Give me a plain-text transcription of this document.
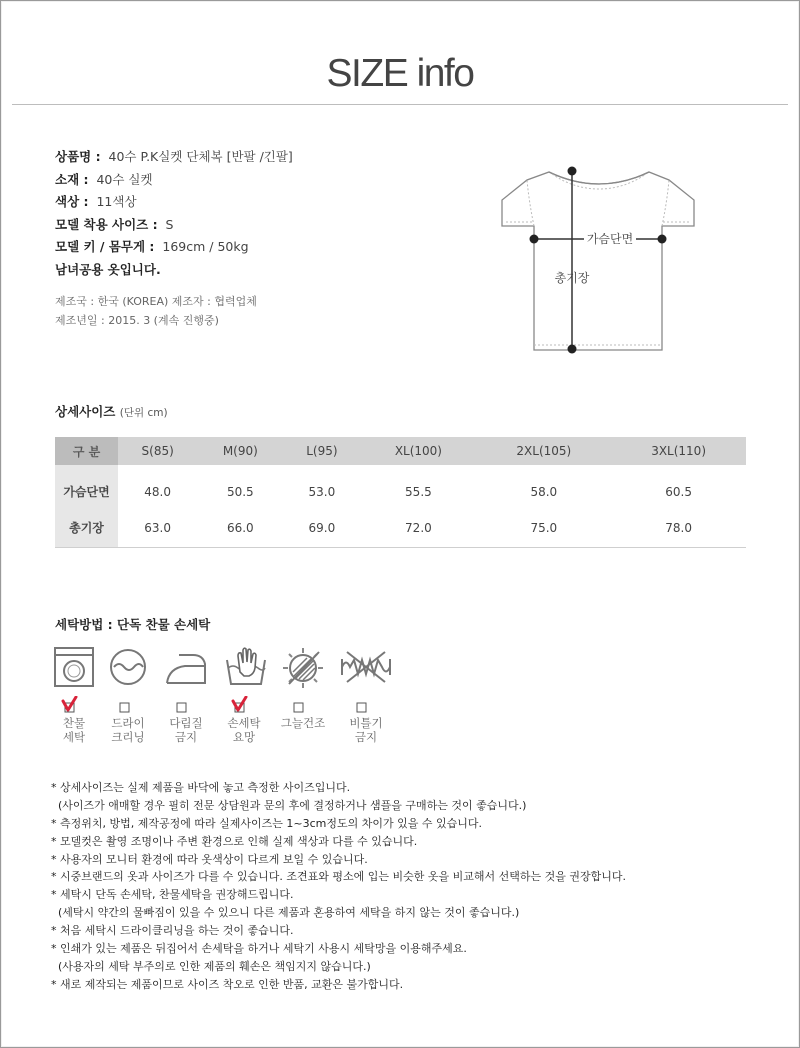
SIZE info
상품명 : 40수 P.K실켓 단체복 [반팔 /긴팔]
소재 : 40수 실켓
색상 : 11색상
모델 착용 사이즈 : S
모델 키 / 몸무게 : 169cm / 50kg
남녀공용 옷입니다.
제조국 : 한국 (KOREA) 제조자 : 협력업체
제조년일 : 2015. 3 (계속 진행중)
가슴단면
총기장
상세사이즈 (단위 cm)
구 분	S(85)	M(90)	L(95)	XL(100)	2XL(105)	3XL(110)
가슴단면	48.0	50.5	53.0	55.5	58.0	60.5
총기장	63.0	66.0	69.0	72.0	75.0	78.0
세탁방법 : 단독 찬물 손세탁
찬물
세탁
드라이
크리닝
다림질
금지
손세탁
요망
그늘건조	비틀기
금지
* 상세사이즈는 실제 제품을 바닥에 놓고 측정한 사이즈입니다.
(사이즈가 애매할 경우 필히 전문 상담원과 문의 후에 결정하거나 샘플을 구매하는 것이 좋습니다.)
* 측정위치, 방법, 제작공정에 따라 실제사이즈는 1~3cm정도의 차이가 있을 수 있습니다.
* 모델컷은 촬영 조명이나 주변 환경으로 인해 실제 색상과 다를 수 있습니다.
* 사용자의 모니터 환경에 따라 옷색상이 다르게 보일 수 있습니다.
* 시중브랜드의 옷과 사이즈가 다를 수 있습니다. 조견표와 평소에 입는 비슷한 옷을 비교해서 선택하는 것을 권장합니다.
* 세탁시 단독 손세탁, 찬물세탁을 권장해드립니다.
(세탁시 약간의 물빠짐이 있을 수 있으니 다른 제품과 혼용하여 세탁을 하지 않는 것이 좋습니다.)
* 처음 세탁시 드라이클리닝을 하는 것이 좋습니다.
* 인쇄가 있는 제품은 뒤집어서 손세탁을 하거나 세탁기 사용시 세탁망을 이용해주세요.
(사용자의 세탁 부주의로 인한 제품의 훼손은 책임지지 않습니다.)
* 새로 제작되는 제품이므로 사이즈 착오로 인한 반품, 교환은 불가합니다.
